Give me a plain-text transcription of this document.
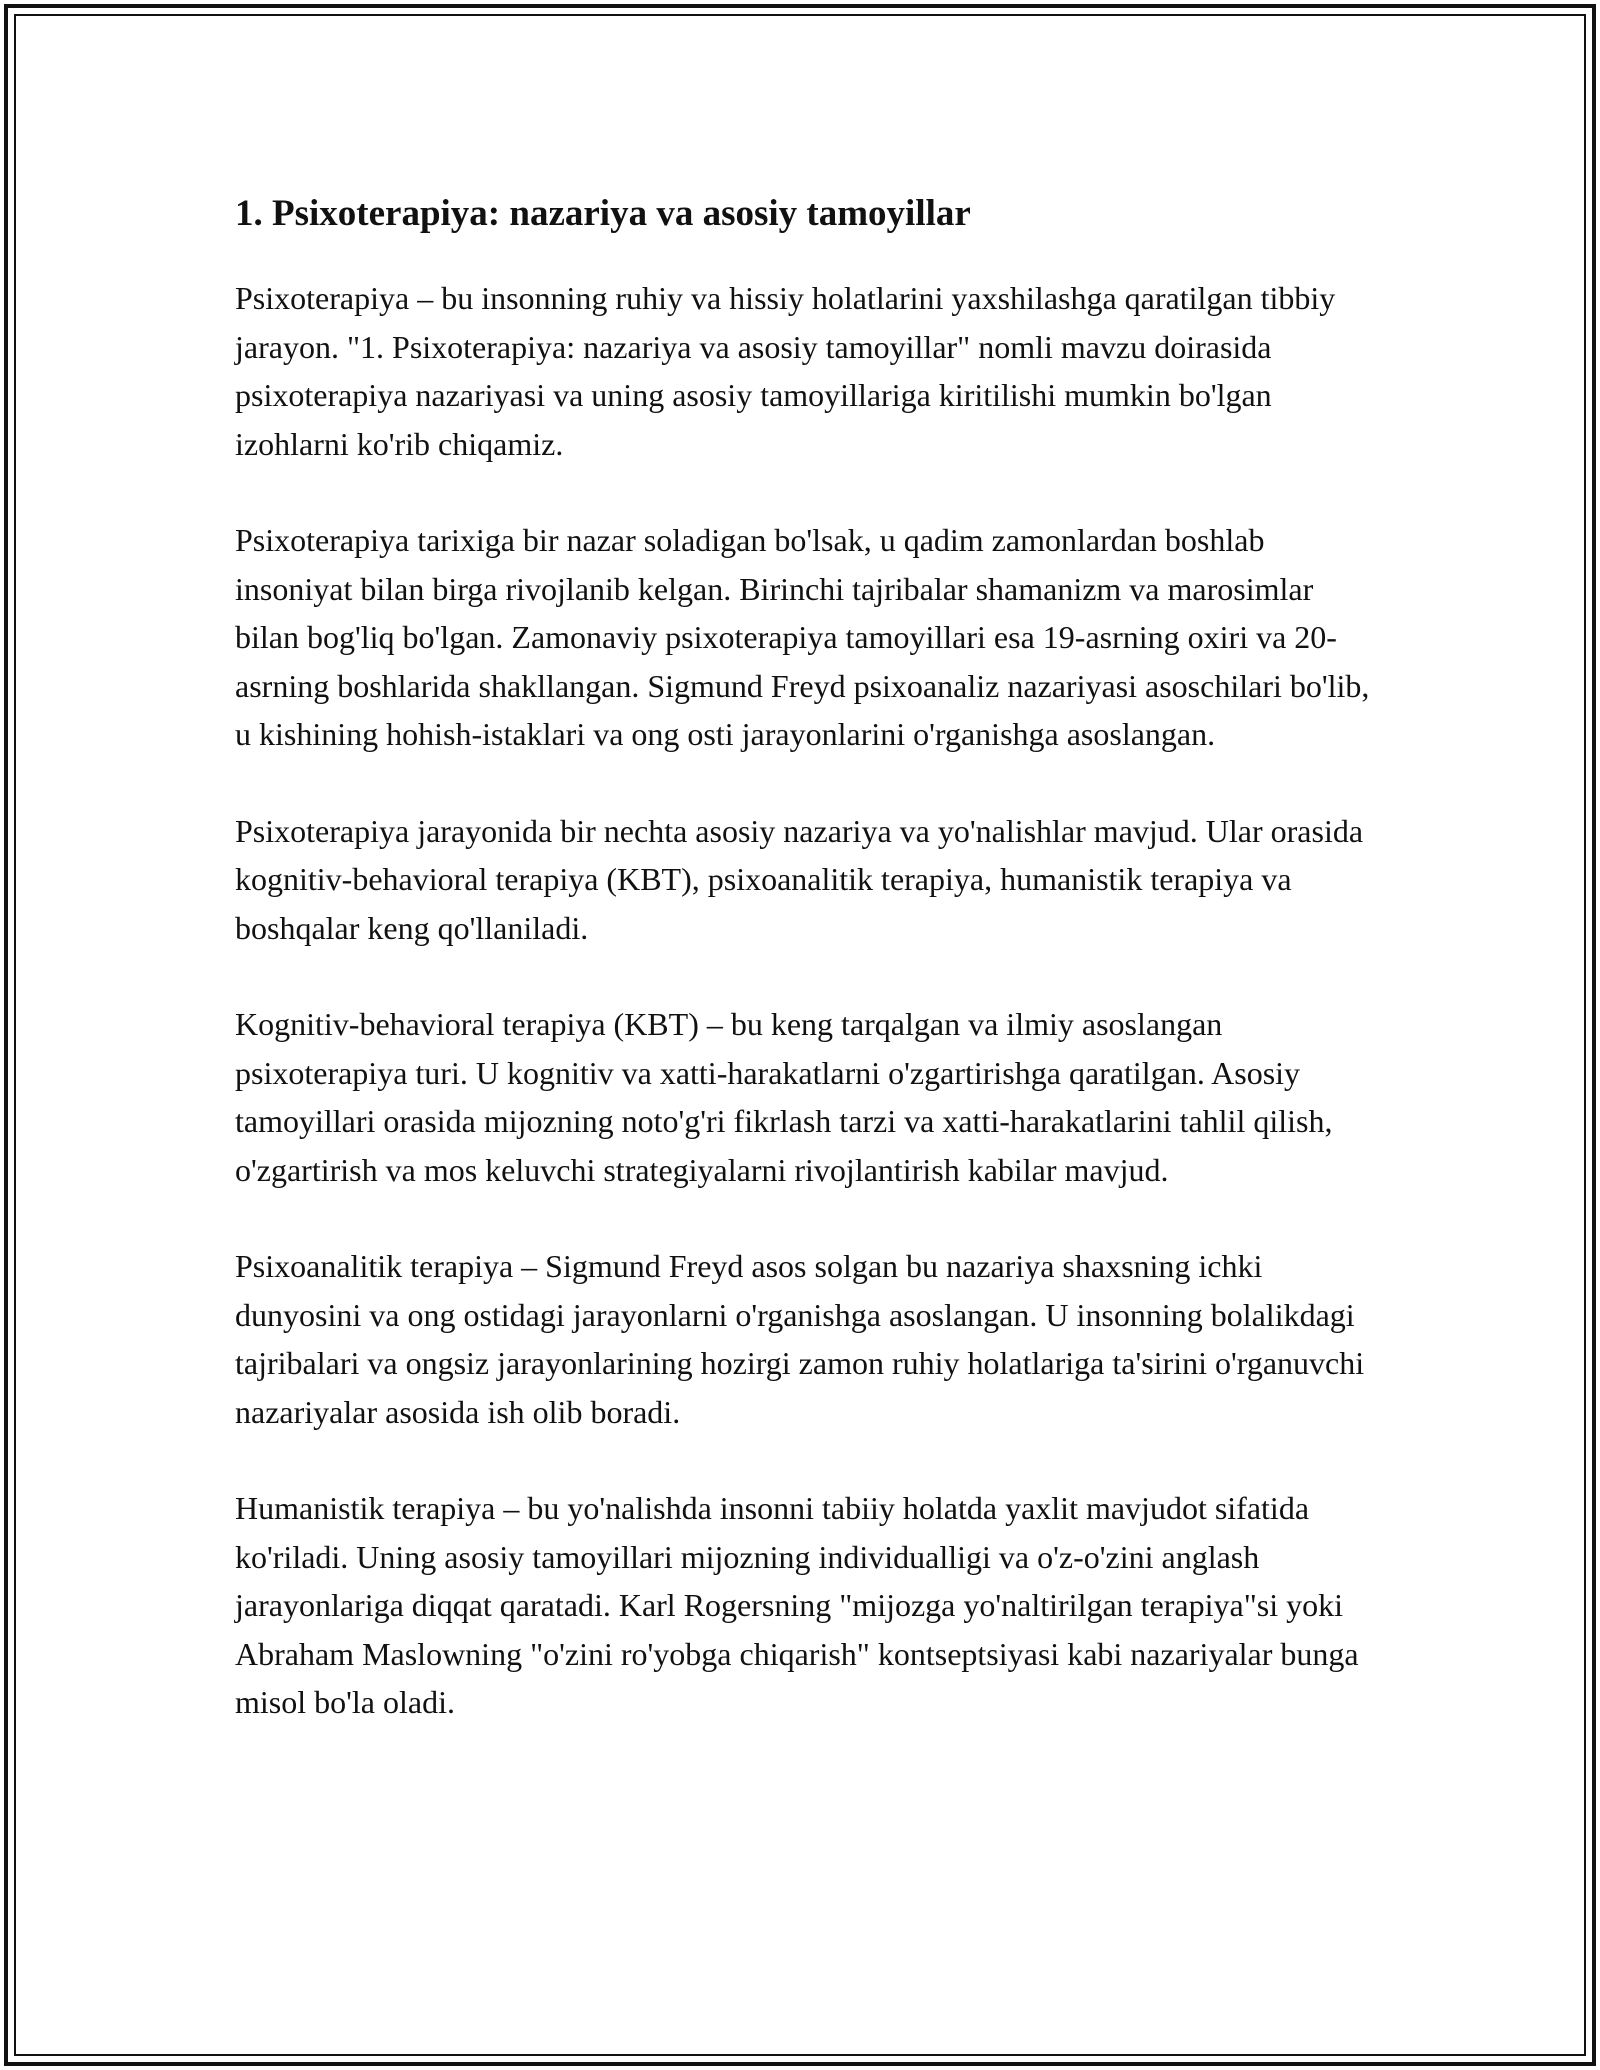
1. Psixoterapiya: nazariya va asosiy tamoyillar

Psixoterapiya – bu insonning ruhiy va hissiy holatlarini yaxshilashga qaratilgan tibbiy jarayon. "1. Psixoterapiya: nazariya va asosiy tamoyillar" nomli mavzu doirasida psixoterapiya nazariyasi va uning asosiy tamoyillariga kiritilishi mumkin bo'lgan izohlarni ko'rib chiqamiz.

Psixoterapiya tarixiga bir nazar soladigan bo'lsak, u qadim zamonlardan boshlab insoniyat bilan birga rivojlanib kelgan. Birinchi tajribalar shamanizm va marosimlar bilan bog'liq bo'lgan. Zamonaviy psixoterapiya tamoyillari esa 19-asrning oxiri va 20-asrning boshlarida shakllangan. Sigmund Freyd psixoanaliz nazariyasi asoschilari bo'lib, u kishining hohish-istaklari va ong osti jarayonlarini o'rganishga asoslangan.

Psixoterapiya jarayonida bir nechta asosiy nazariya va yo'nalishlar mavjud. Ular orasida kognitiv-behavioral terapiya (KBT), psixoanalitik terapiya, humanistik terapiya va boshqalar keng qo'llaniladi.

Kognitiv-behavioral terapiya (KBT) – bu keng tarqalgan va ilmiy asoslangan psixoterapiya turi. U kognitiv va xatti-harakatlarni o'zgartirishga qaratilgan. Asosiy tamoyillari orasida mijozning noto'g'ri fikrlash tarzi va xatti-harakatlarini tahlil qilish, o'zgartirish va mos keluvchi strategiyalarni rivojlantirish kabilar mavjud.

Psixoanalitik terapiya – Sigmund Freyd asos solgan bu nazariya shaxsning ichki dunyosini va ong ostidagi jarayonlarni o'rganishga asoslangan. U insonning bolalikdagi tajribalari va ongsiz jarayonlarining hozirgi zamon ruhiy holatlariga ta'sirini o'rganuvchi nazariyalar asosida ish olib boradi.

Humanistik terapiya – bu yo'nalishda insonni tabiiy holatda yaxlit mavjudot sifatida ko'riladi. Uning asosiy tamoyillari mijozning individualligi va o'z-o'zini anglash jarayonlariga diqqat qaratadi. Karl Rogersning "mijozga yo'naltirilgan terapiya"si yoki Abraham Maslowning "o'zini ro'yobga chiqarish" kontseptsiyasi kabi nazariyalar bunga misol bo'la oladi.
